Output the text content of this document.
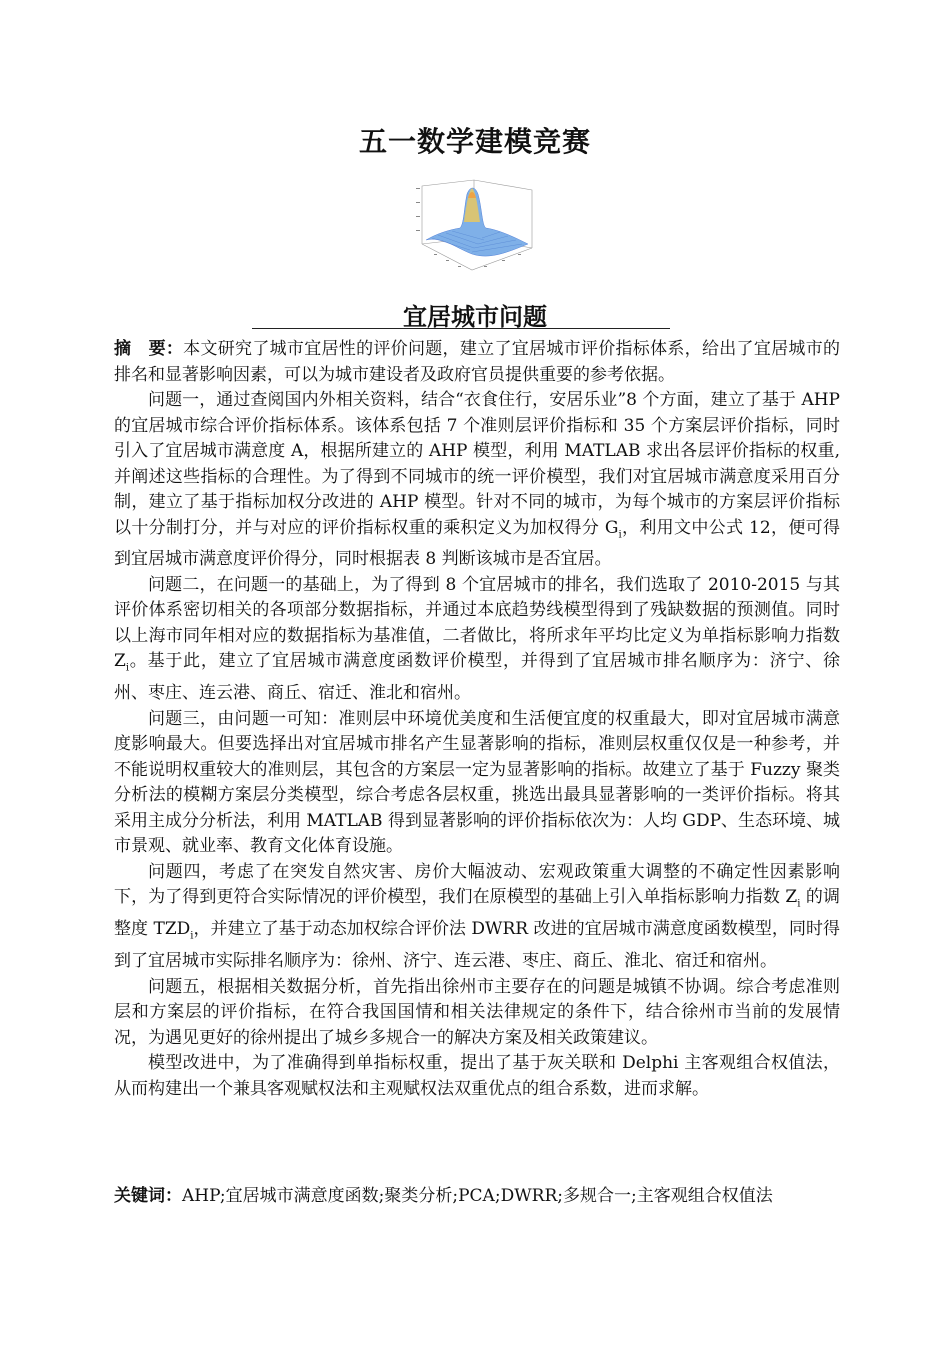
五一数学建模竞赛
宜居城市问题

摘　要：本文研究了城市宜居性的评价问题，建立了宜居城市评价指标体系，给出了宜居城市的排名和显著影响因素，可以为城市建设者及政府官员提供重要的参考依据。

问题一，通过查阅国内外相关资料，结合“衣食住行，安居乐业”8 个方面，建立了基于 AHP 的宜居城市综合评价指标体系。该体系包括 7 个准则层评价指标和 35 个方案层评价指标，同时引入了宜居城市满意度 A，根据所建立的 AHP 模型，利用 MATLAB 求出各层评价指标的权重,并阐述这些指标的合理性。为了得到不同城市的统一评价模型，我们对宜居城市满意度采用百分制，建立了基于指标加权分改进的 AHP 模型。针对不同的城市，为每个城市的方案层评价指标以十分制打分，并与对应的评价指标权重的乘积定义为加权得分 $G_i$，利用文中公式 12，便可得到宜居城市满意度评价得分，同时根据表 8 判断该城市是否宜居。

问题二，在问题一的基础上，为了得到 8 个宜居城市的排名，我们选取了 2010-2015 与其评价体系密切相关的各项部分数据指标，并通过本底趋势线模型得到了残缺数据的预测值。同时以上海市同年相对应的数据指标为基准值，二者做比，将所求年平均比定义为单指标影响力指数 $Z_i$。基于此，建立了宜居城市满意度函数评价模型，并得到了宜居城市排名顺序为：济宁、徐州、枣庄、连云港、商丘、宿迁、淮北和宿州。

问题三，由问题一可知：准则层中环境优美度和生活便宜度的权重最大，即对宜居城市满意度影响最大。但要选择出对宜居城市排名产生显著影响的指标，准则层权重仅仅是一种参考，并不能说明权重较大的准则层，其包含的方案层一定为显著影响的指标。故建立了基于 Fuzzy 聚类分析法的模糊方案层分类模型，综合考虑各层权重，挑选出最具显著影响的一类评价指标。将其采用主成分分析法，利用 MATLAB 得到显著影响的评价指标依次为：人均 GDP、生态环境、城市景观、就业率、教育文化体育设施。

问题四，考虑了在突发自然灾害、房价大幅波动、宏观政策重大调整的不确定性因素影响下，为了得到更符合实际情况的评价模型，我们在原模型的基础上引入单指标影响力指数 $Z_i$ 的调整度 $TZD_i$，并建立了基于动态加权综合评价法 DWRR 改进的宜居城市满意度函数模型，同时得到了宜居城市实际排名顺序为：徐州、济宁、连云港、枣庄、商丘、淮北、宿迁和宿州。

问题五，根据相关数据分析，首先指出徐州市主要存在的问题是城镇不协调。综合考虑准则层和方案层的评价指标，在符合我国国情和相关法律规定的条件下，结合徐州市当前的发展情况，为遇见更好的徐州提出了城乡多规合一的解决方案及相关政策建议。

模型改进中，为了准确得到单指标权重，提出了基于灰关联和 Delphi 主客观组合权值法，从而构建出一个兼具客观赋权法和主观赋权法双重优点的组合系数，进而求解。

关键词：AHP;宜居城市满意度函数;聚类分析;PCA;DWRR;多规合一;主客观组合权值法
